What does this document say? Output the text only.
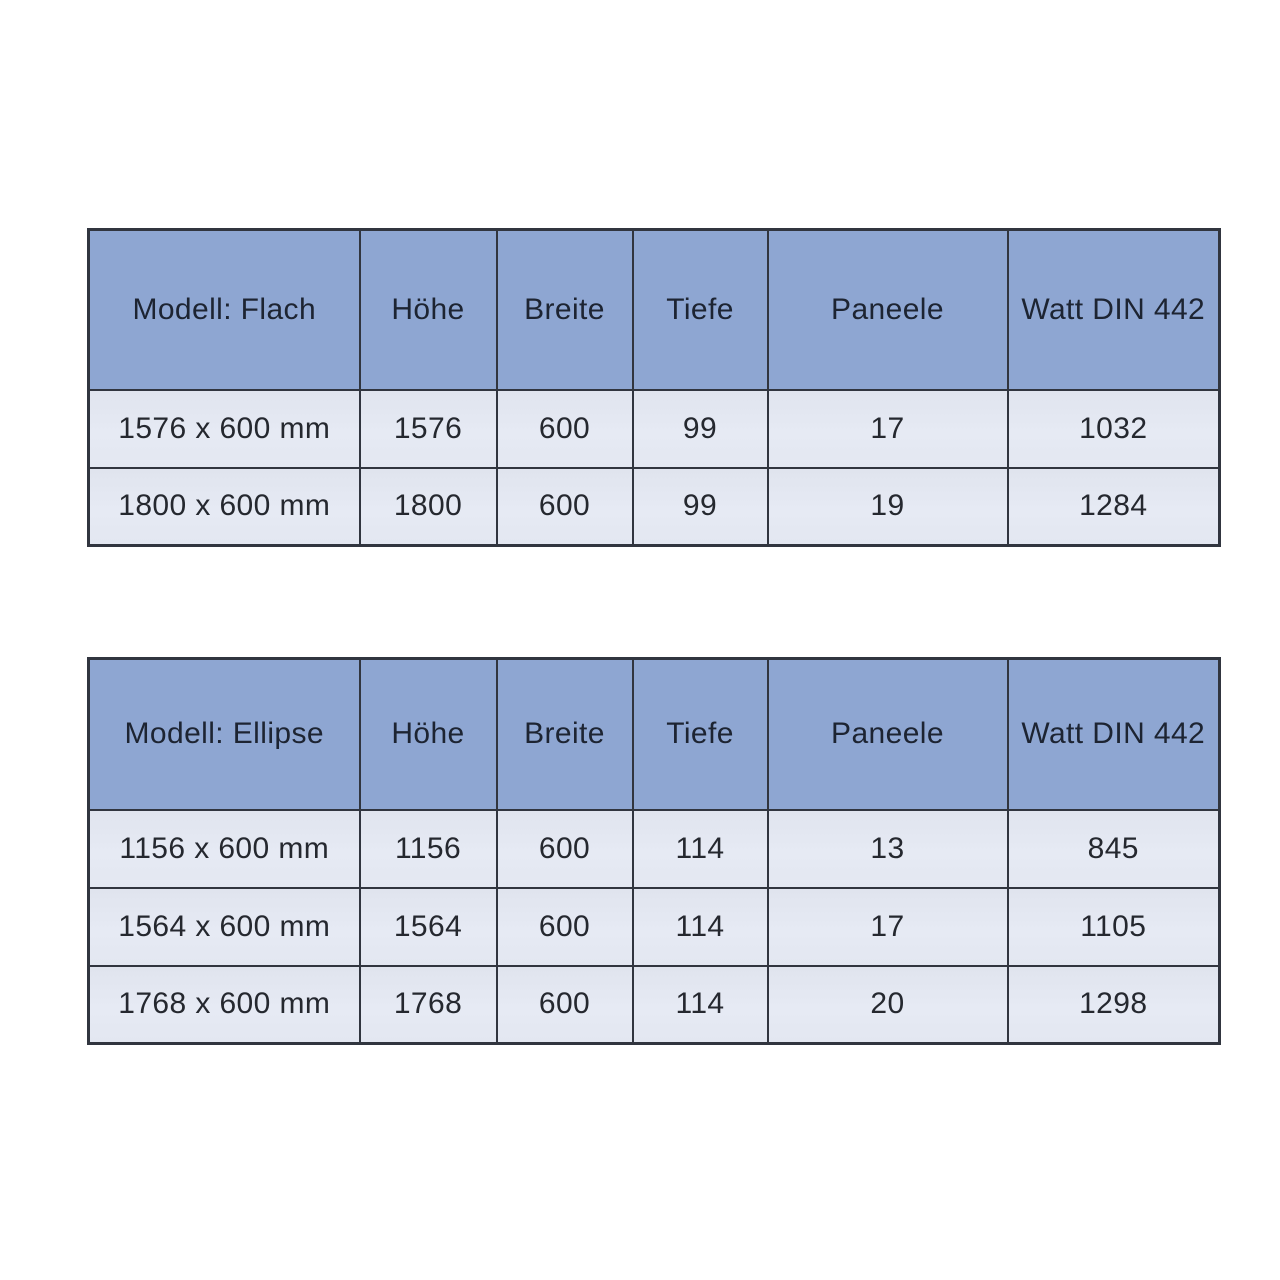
Modell: Flach	Höhe	Breite	Tiefe	Paneele	Watt DIN 442
1576 x 600 mm	1576	600	99	17	1032
1800 x 600 mm	1800	600	99	19	1284
Modell: Ellipse	Höhe	Breite	Tiefe	Paneele	Watt DIN 442
1156 x 600 mm	1156	600	114	13	845
1564 x 600 mm	1564	600	114	17	1105
1768 x 600 mm	1768	600	114	20	1298
